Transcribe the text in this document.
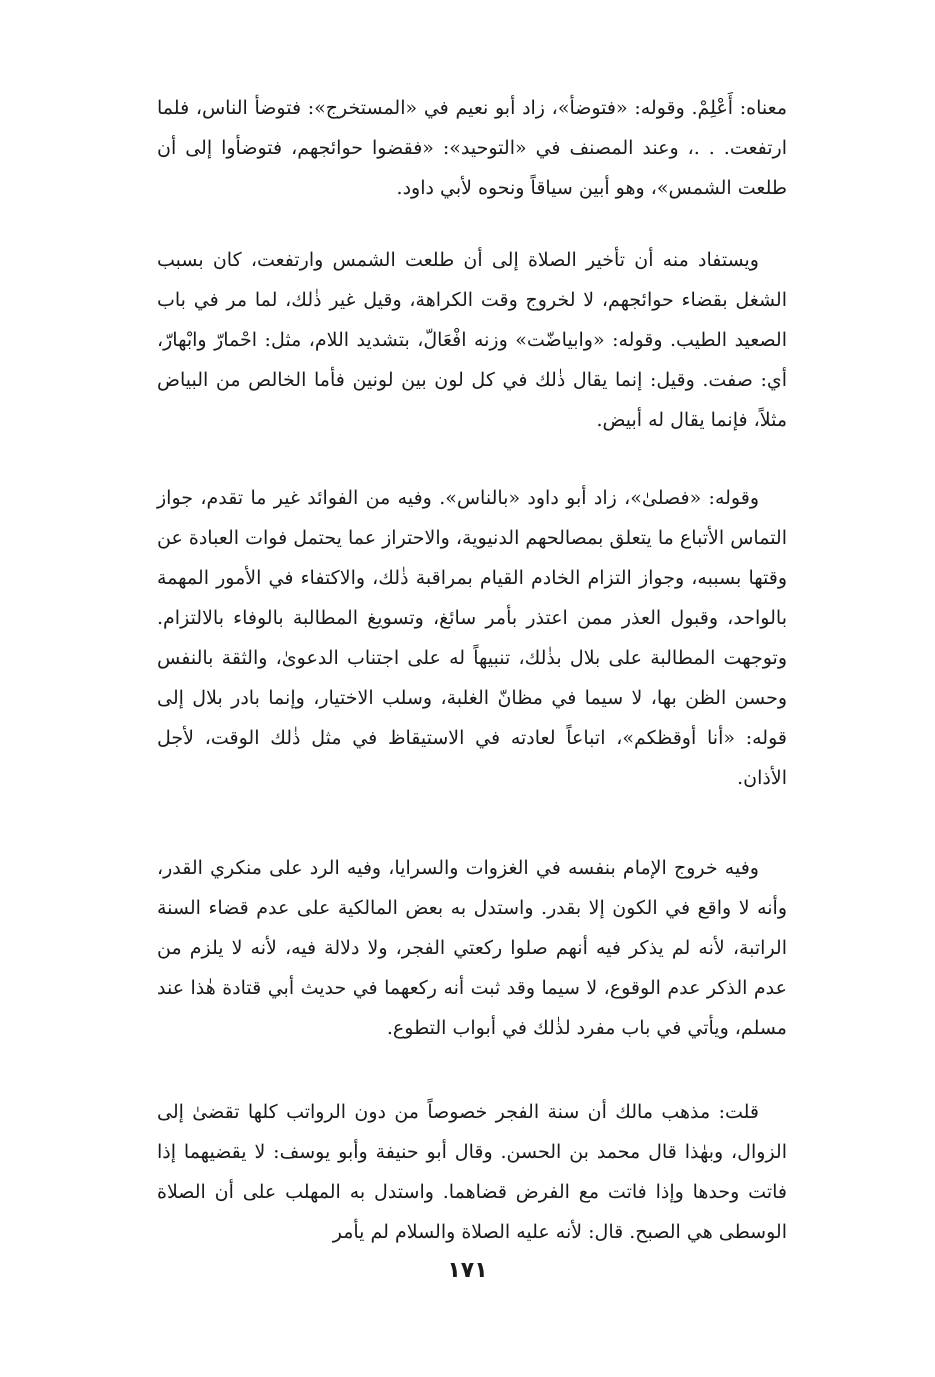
معناه: أَعْلِمْ. وقوله: «فتوضأ»، زاد أبو نعيم في «المستخرج»: فتوضأ الناس، فلما ارتفعت. . .، وعند المصنف في «التوحيد»: «فقضوا حوائجهم، فتوضأوا إلى أن طلعت الشمس»، وهو أبين سياقاً ونحوه لأبي داود.

ويستفاد منه أن تأخير الصلاة إلى أن طلعت الشمس وارتفعت، كان بسبب الشغل بقضاء حوائجهم، لا لخروج وقت الكراهة، وقيل غير ذٰلك، لما مر في باب الصعيد الطيب. وقوله: «وابياضّت» وزنه افْعَالّ، بتشديد اللام، مثل: احْمارّ وابْهارّ، أي: صفت. وقيل: إنما يقال ذٰلك في كل لون بين لونين فأما الخالص من البياض مثلاً، فإنما يقال له أبيض.

وقوله: «فصلىٰ»، زاد أبو داود «بالناس». وفيه من الفوائد غير ما تقدم، جواز التماس الأتباع ما يتعلق بمصالحهم الدنيوية، والاحتراز عما يحتمل فوات العبادة عن وقتها بسببه، وجواز التزام الخادم القيام بمراقبة ذٰلك، والاكتفاء في الأمور المهمة بالواحد، وقبول العذر ممن اعتذر بأمر سائغ، وتسويغ المطالبة بالوفاء بالالتزام. وتوجهت المطالبة على بلال بذٰلك، تنبيهاً له على اجتناب الدعوىٰ، والثقة بالنفس وحسن الظن بها، لا سيما في مظانّ الغلبة، وسلب الاختيار، وإنما بادر بلال إلى قوله: «أنا أوقظكم»، اتباعاً لعادته في الاستيقاظ في مثل ذٰلك الوقت، لأجل الأذان.

وفيه خروج الإمام بنفسه في الغزوات والسرايا، وفيه الرد على منكري القدر، وأنه لا واقع في الكون إلا بقدر. واستدل به بعض المالكية على عدم قضاء السنة الراتبة، لأنه لم يذكر فيه أنهم صلوا ركعتي الفجر، ولا دلالة فيه، لأنه لا يلزم من عدم الذكر عدم الوقوع، لا سيما وقد ثبت أنه ركعهما في حديث أبي قتادة هٰذا عند مسلم، ويأتي في باب مفرد لذٰلك في أبواب التطوع.

قلت: مذهب مالك أن سنة الفجر خصوصاً من دون الرواتب كلها تقضىٰ إلى الزوال، وبهٰذا قال محمد بن الحسن. وقال أبو حنيفة وأبو يوسف: لا يقضيهما إذا فاتت وحدها وإذا فاتت مع الفرض قضاهما. واستدل به المهلب على أن الصلاة الوسطى هي الصبح. قال: لأنه عليه الصلاة والسلام لم يأمر

١٧١
